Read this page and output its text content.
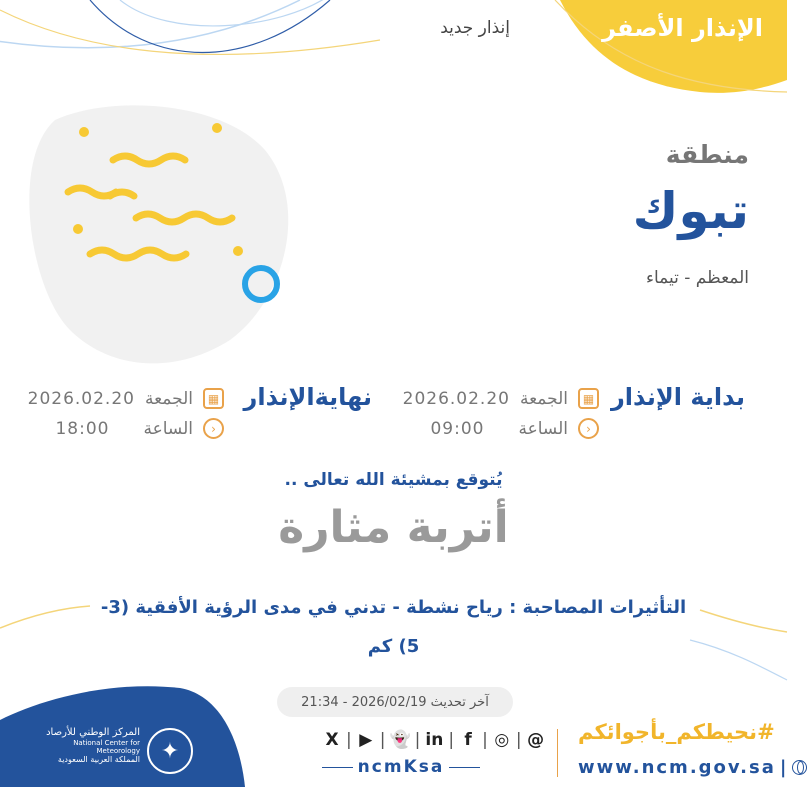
الإنذار الأصفر
إنذار جديد
منطقة
تبوك
المعظم - تيماء
بداية الإنذار
▦
الجمعة
2026.02.20
‹
الساعة
09:00
نهايةالإنذار
▦
الجمعة
2026.02.20
‹
الساعة
18:00
يُتوقع بمشيئة الله تعالى ..
أتربة مثارة
التأثيرات المصاحبة : رياح نشطة - تدني في مدى الرؤية الأفقية (3-5) كم
آخر تحديث 2026/02/19 - 21:34
المركز الوطني للأرصاد
National Center for Meteorology
المملكة العربية السعودية ✦	X | ▶ | 👻 | in | f | ◎ | @
ncmKsa
#نحيطكم_بأجوائكم
www.ncm.gov.sa |
